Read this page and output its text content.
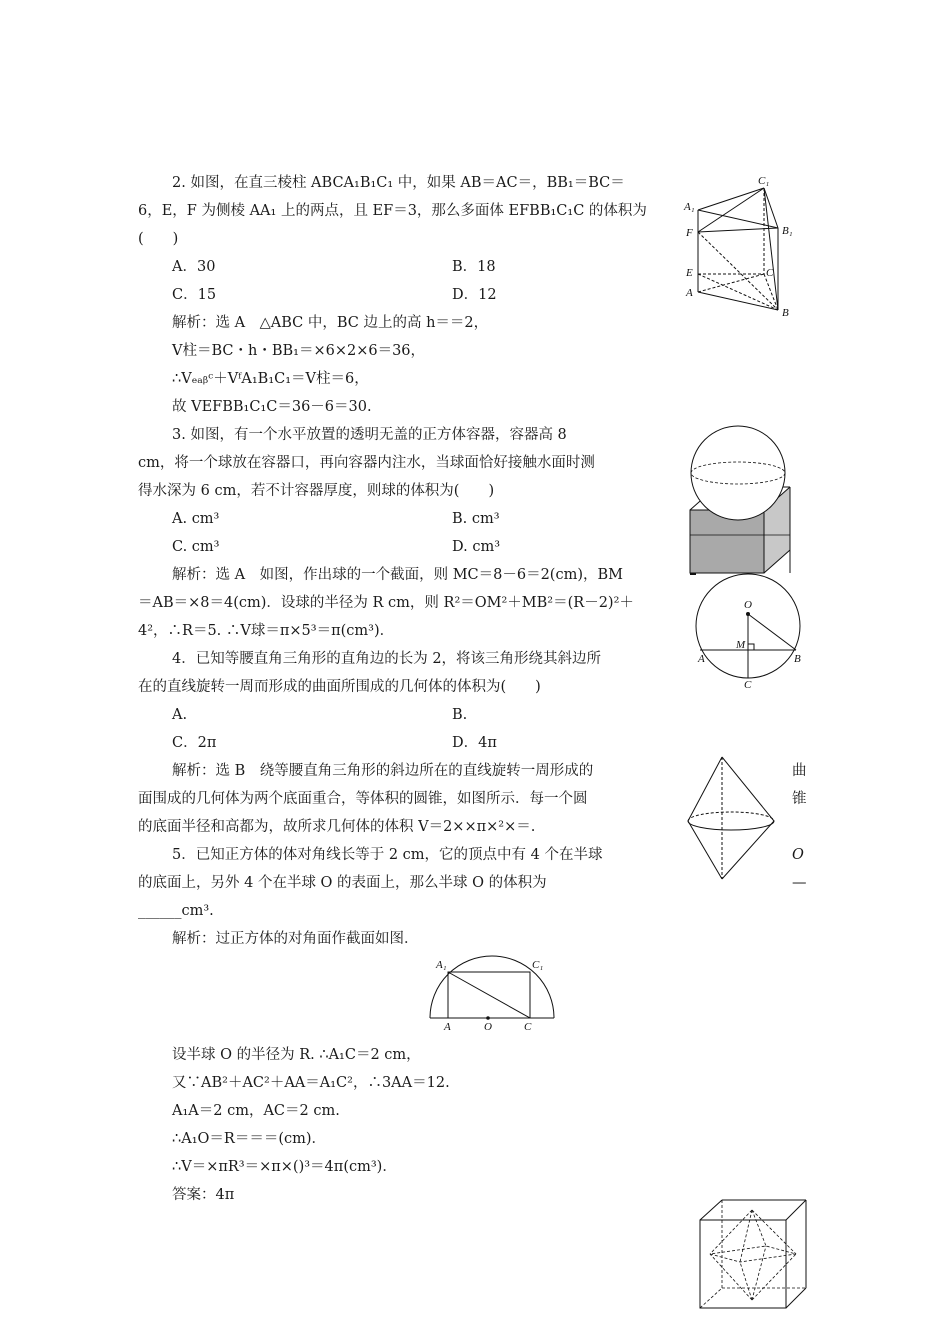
2. 如图，在直三棱柱 ABCA₁B₁C₁ 中，如果 AB＝AC＝，BB₁＝BC＝
6，E，F 为侧棱 AA₁ 上的两点，且 EF＝3，那么多面体 EFBB₁C₁C 的体积为
(　　)
A．30	B．18
C．15	D．12
解析：选 A　△ABC 中，BC 边上的高 h＝＝2，
V柱＝BC・h・BB₁＝×6×2×6＝36，
∴Vₑₐᵦᶜ＋VᶠA₁B₁C₁＝V柱＝6，
故 VEFBB₁C₁C＝36－6＝30.
3. 如图，有一个水平放置的透明无盖的正方体容器，容器高 8
cm，将一个球放在容器口，再向容器内注水，当球面恰好接触水面时测
得水深为 6 cm，若不计容器厚度，则球的体积为(　　)
A. cm³	B. cm³
C. cm³	D. cm³
解析：选 A　如图，作出球的一个截面，则 MC＝8－6＝2(cm)，BM
＝AB＝×8＝4(cm)．设球的半径为 R cm，则 R²＝OM²＋MB²＝(R－2)²＋
4²，∴R＝5. ∴V球＝π×5³＝π(cm³)．
4．已知等腰直角三角形的直角边的长为 2，将该三角形绕其斜边所
在的直线旋转一周而形成的曲面所围成的几何体的体积为(　　)
A.	B.
C．2π	D．4π
解析：选 B　绕等腰直角三角形的斜边所在的直线旋转一周形成的
面围成的几何体为两个底面重合，等体积的圆锥，如图所示．每一个圆
的底面半径和高都为，故所求几何体的体积 V＝2××π×²×＝.
5．已知正方体的体对角线长等于 2 cm，它的顶点中有 4 个在半球
的底面上，另外 4 个在半球 O 的表面上，那么半球 O 的体积为
______cm³.
解析：过正方体的对角面作截面如图．
设半球 O 的半径为 R. ∴A₁C＝2 cm，
又∵AB²＋AC²＋AA＝A₁C²，∴3AA＝12.
A₁A＝2 cm，AC＝2 cm.
∴A₁O＝R＝＝＝(cm)．
∴V＝×πR³＝×π×()³＝4π(cm³)．
答案：4π
曲
锥
O
—
C₁
A₁
B₁
F
E	C
A
B
O
M
A	B
C
A₁	C₁
A	O	C
